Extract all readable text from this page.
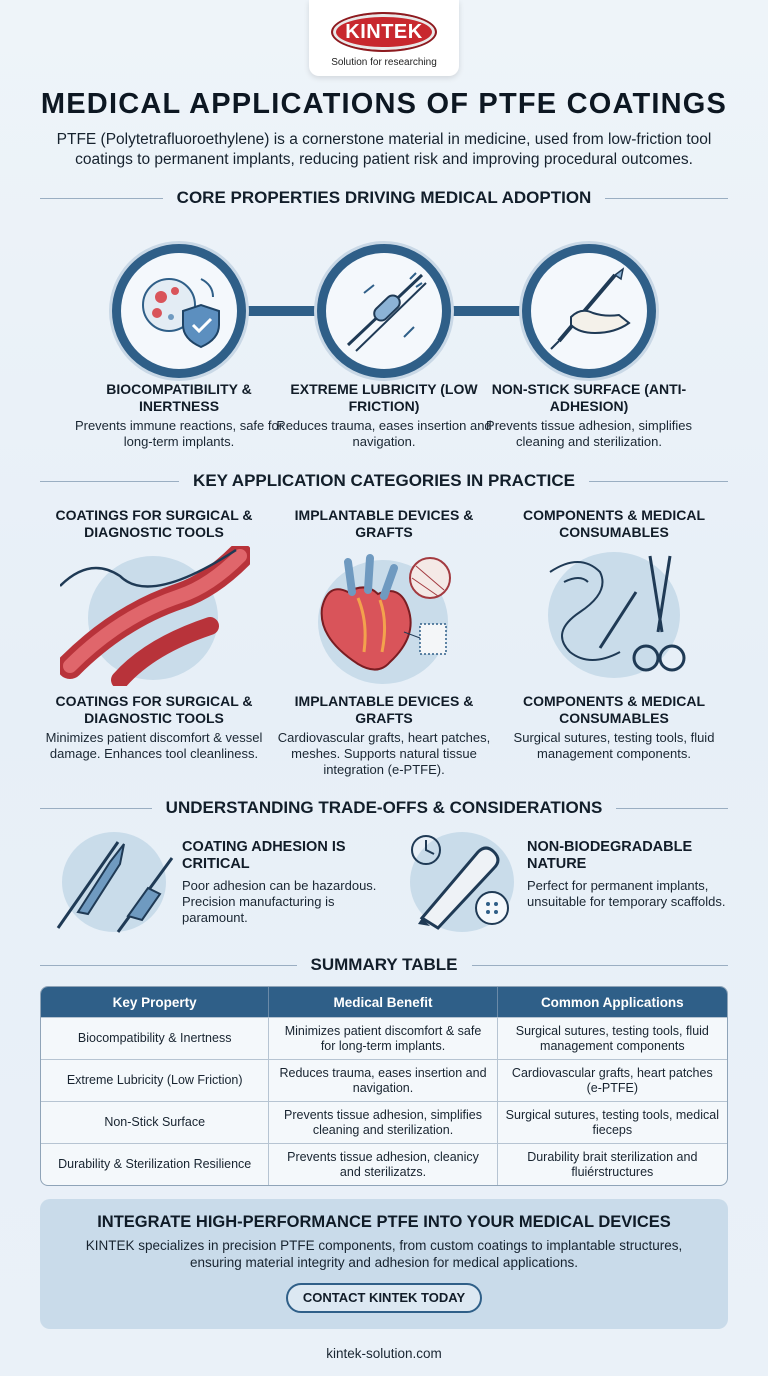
KINTEK
Solution for researching
MEDICAL APPLICATIONS OF PTFE COATINGS
PTFE (Polytetrafluoroethylene) is a cornerstone material in medicine, used from low-friction tool coatings to permanent implants, reducing patient risk and improving procedural outcomes.
CORE PROPERTIES DRIVING MEDICAL ADOPTION
BIOCOMPATIBILITY & INERTNESS
Prevents immune reactions, safe for long-term implants.
EXTREME LUBRICITY (LOW FRICTION)
Reduces trauma, eases insertion and navigation.
NON-STICK SURFACE (ANTI-ADHESION)
Prevents tissue adhesion, simplifies cleaning and sterilization.
KEY APPLICATION CATEGORIES IN PRACTICE
COATINGS FOR SURGICAL & DIAGNOSTIC TOOLS
IMPLANTABLE DEVICES & GRAFTS
COMPONENTS & MEDICAL CONSUMABLES
COATINGS FOR SURGICAL & DIAGNOSTIC TOOLS
Minimizes patient discomfort & vessel damage. Enhances tool cleanliness.
IMPLANTABLE DEVICES & GRAFTS
Cardiovascular grafts, heart patches, meshes. Supports natural tissue integration (e-PTFE).
COMPONENTS & MEDICAL CONSUMABLES
Surgical sutures, testing tools, fluid management components.
UNDERSTANDING TRADE-OFFS & CONSIDERATIONS
COATING ADHESION IS CRITICAL
Poor adhesion can be hazardous. Precision manufacturing is paramount.
NON-BIODEGRADABLE NATURE
Perfect for permanent implants, unsuitable for temporary scaffolds.
SUMMARY TABLE
Key Property	Medical Benefit	Common Applications
Biocompatibility & Inertness	Minimizes patient discomfort & safe for long-term implants.	Surgical sutures, testing tools, fluid management components
Extreme Lubricity (Low Friction)	Reduces trauma, eases insertion and navigation.	Cardiovascular grafts, heart patches (e-PTFE)
Non-Stick Surface	Prevents tissue adhesion, simplifies cleaning and sterilization.	Surgical sutures, testing tools, medical fieceps
Durability & Sterilization Resilience	Prevents tissue adhesion, cleanicy and sterilizatzs.	Durability brait sterilization and fluiérstructures
INTEGRATE HIGH-PERFORMANCE PTFE INTO YOUR MEDICAL DEVICES
KINTEK specializes in precision PTFE components, from custom coatings to implantable structures, ensuring material integrity and adhesion for medical applications.
CONTACT KINTEK TODAY
kintek-solution.com
